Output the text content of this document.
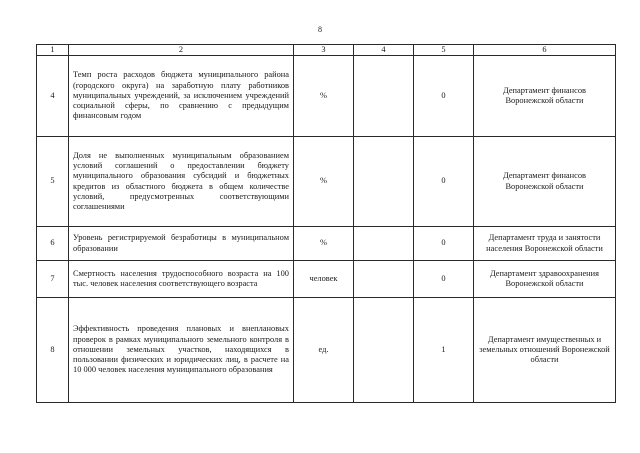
8
1	2	3	4	5	6
4	Темп роста расходов бюджета муниципального района (городского округа) на заработную плату работников муниципальных учреждений, за исключением учреждений социальной сферы, по сравнению с предыдущим финансовым годом	%		0	Департамент финансов Воронежской области
5	Доля не выполненных муниципальным образованием условий соглашений о предоставлении бюджету муниципального образования субсидий и бюджетных кредитов из областного бюджета в общем количестве условий, предусмотренных соответствующими соглашениями	%		0	Департамент финансов Воронежской области
6	Уровень регистрируемой безработицы в муниципальном образовании	%		0	Департамент труда и занятости населения Воронежской области
7	Смертность населения трудоспособного возраста на 100 тыс. человек населения соответствующего возраста	человек		0	Департамент здравоохранения Воронежской области
8	Эффективность проведения плановых и внеплановых проверок в рамках муниципального земельного контроля в отношении земельных участков, находящихся в пользовании физических и юридических лиц, в расчете на 10 000 человек населения муниципального образования	ед.		1	Департамент имущественных и земельных отношений Воронежской области
